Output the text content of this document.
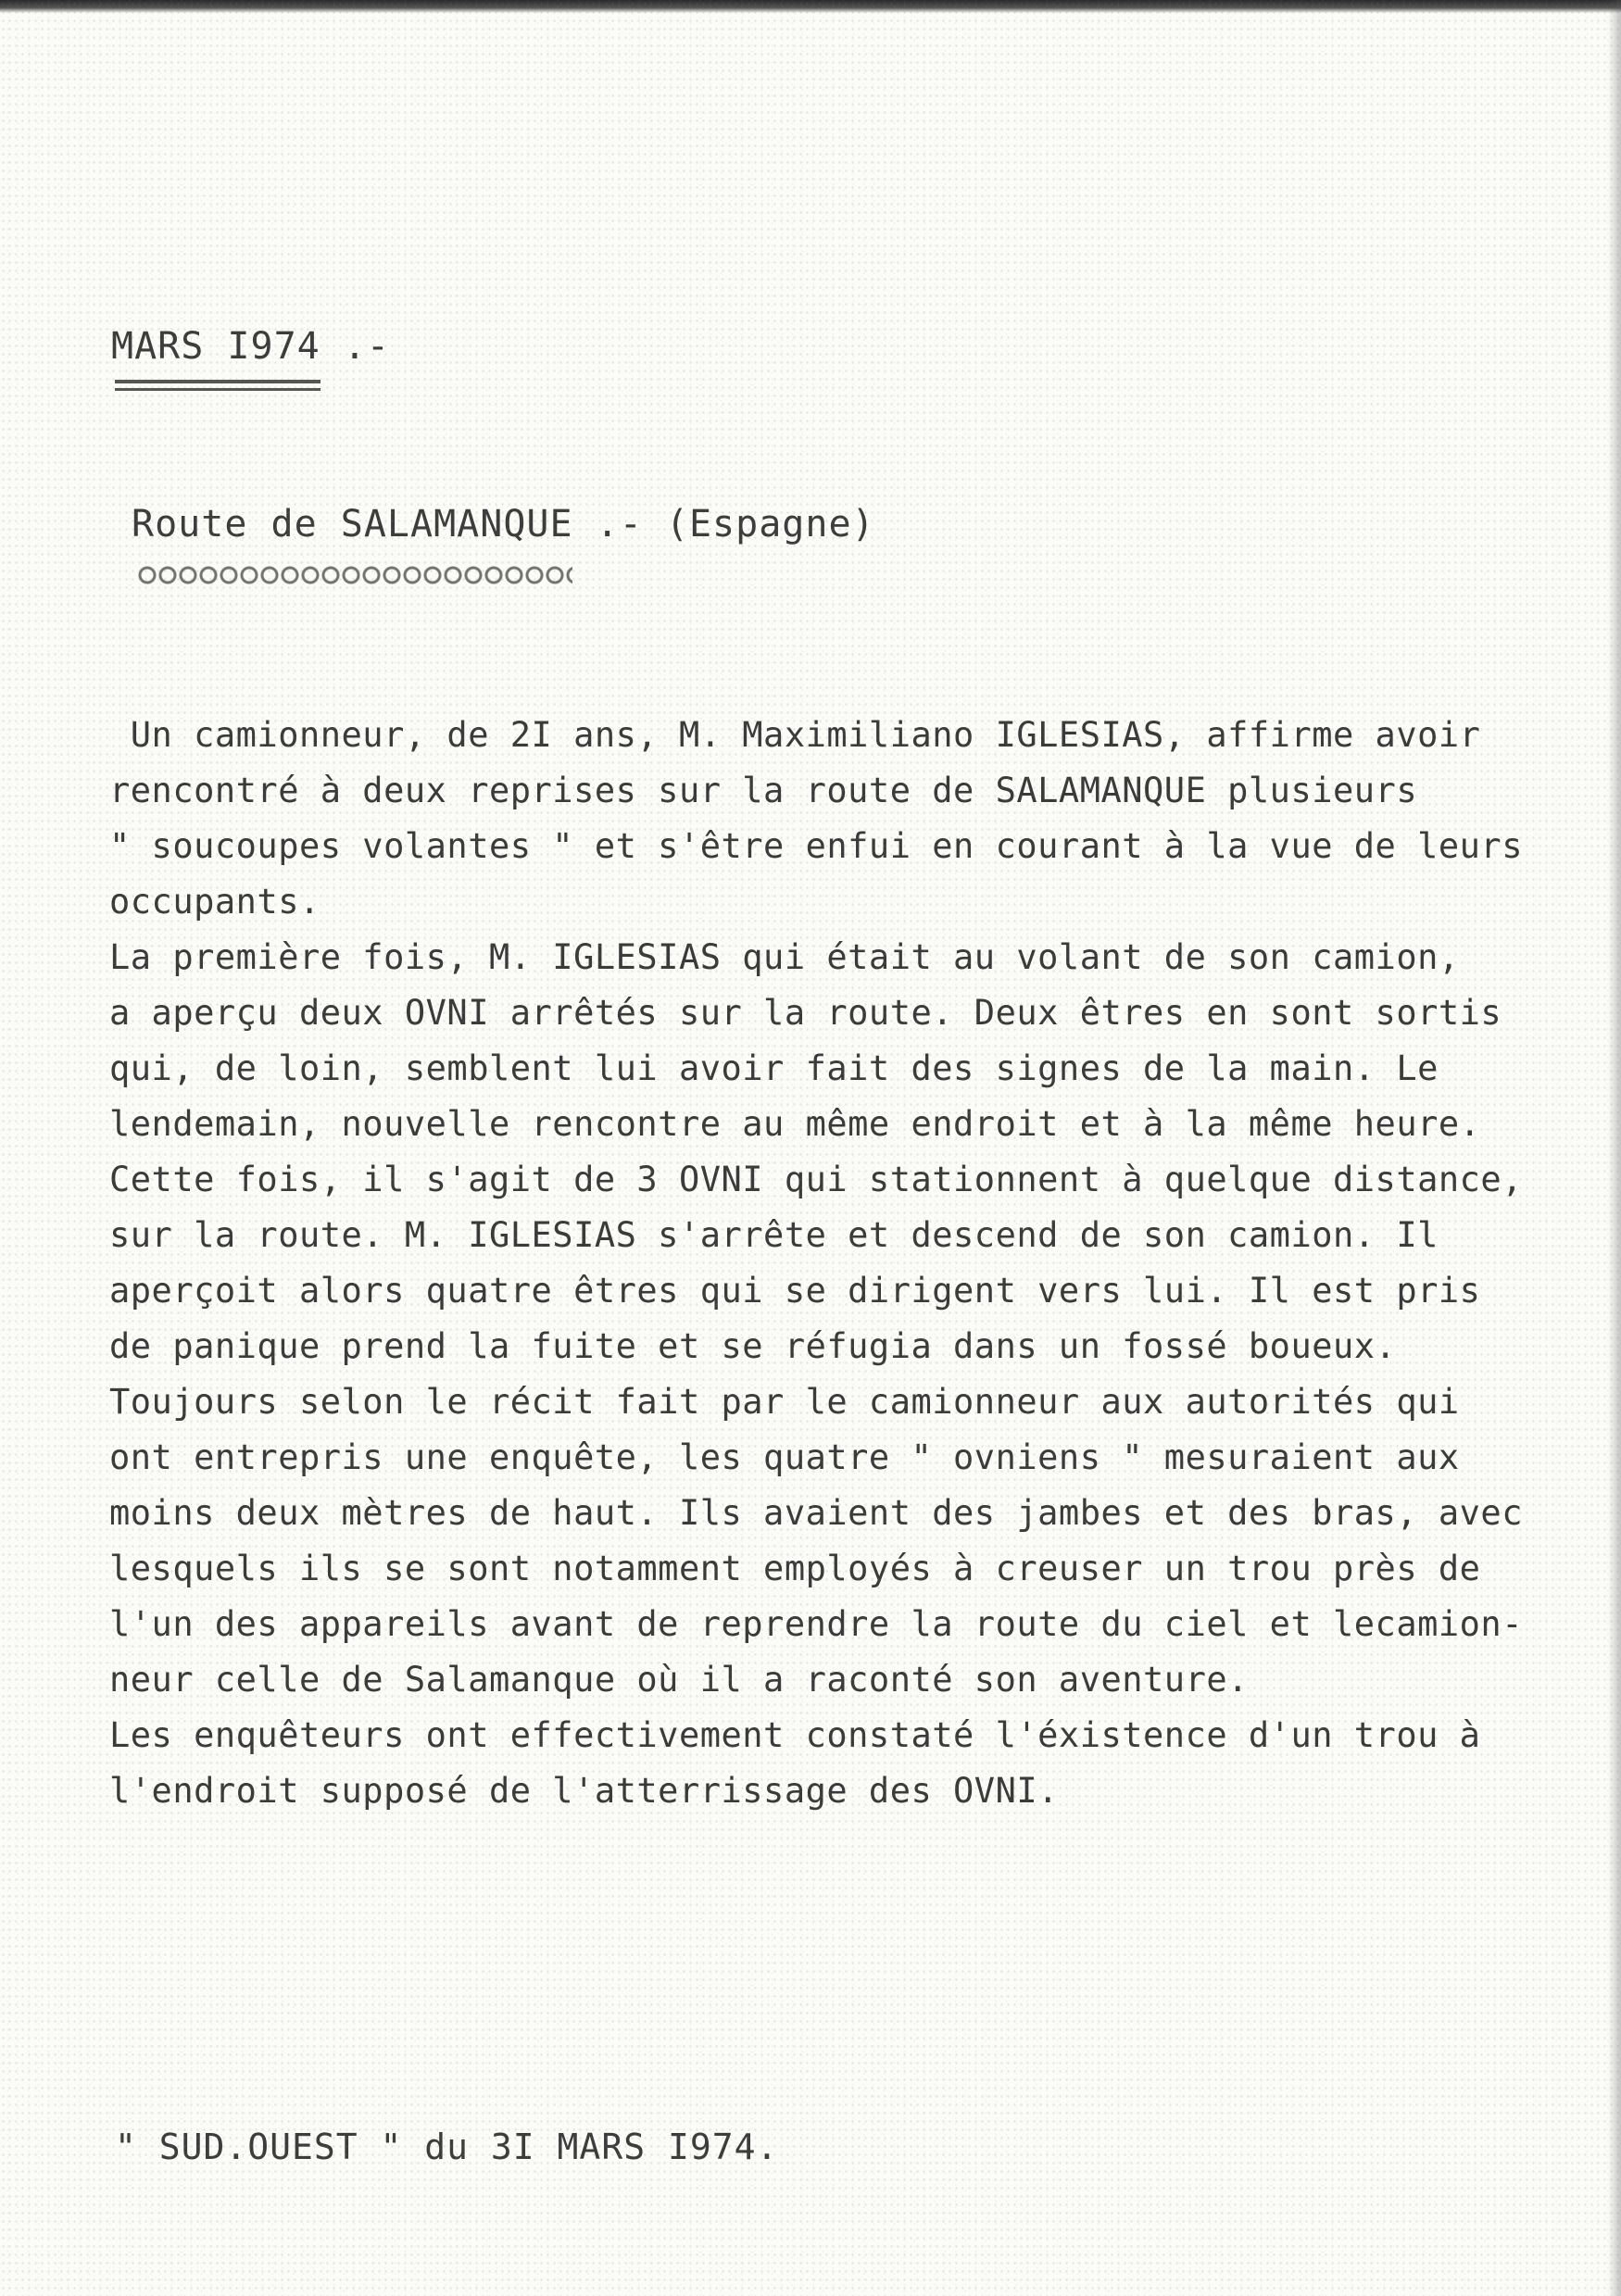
MARS I974 .-
Route de SALAMANQUE .- (Espagne)
Un camionneur, de 2I ans, M. Maximiliano IGLESIAS, affirme avoir
rencontré à deux reprises sur la route de SALAMANQUE plusieurs
" soucoupes volantes " et s'être enfui en courant à la vue de leurs
occupants.
La première fois, M. IGLESIAS qui était au volant de son camion,
a aperçu deux OVNI arrêtés sur la route. Deux êtres en sont sortis
qui, de loin, semblent lui avoir fait des signes de la main. Le
lendemain, nouvelle rencontre au même endroit et à la même heure.
Cette fois, il s'agit de 3 OVNI qui stationnent à quelque distance,
sur la route. M. IGLESIAS s'arrête et descend de son camion. Il
aperçoit alors quatre êtres qui se dirigent vers lui. Il est pris
de panique prend la fuite et se réfugia dans un fossé boueux.
Toujours selon le récit fait par le camionneur aux autorités qui
ont entrepris une enquête, les quatre " ovniens " mesuraient aux
moins deux mètres de haut. Ils avaient des jambes et des bras, avec
lesquels ils se sont notamment employés à creuser un trou près de
l'un des appareils avant de reprendre la route du ciel et lecamion-
neur celle de Salamanque où il a raconté son aventure.
Les enquêteurs ont effectivement constaté l'éxistence d'un trou à
l'endroit supposé de l'atterrissage des OVNI.
" SUD.OUEST " du 3I MARS I974.
